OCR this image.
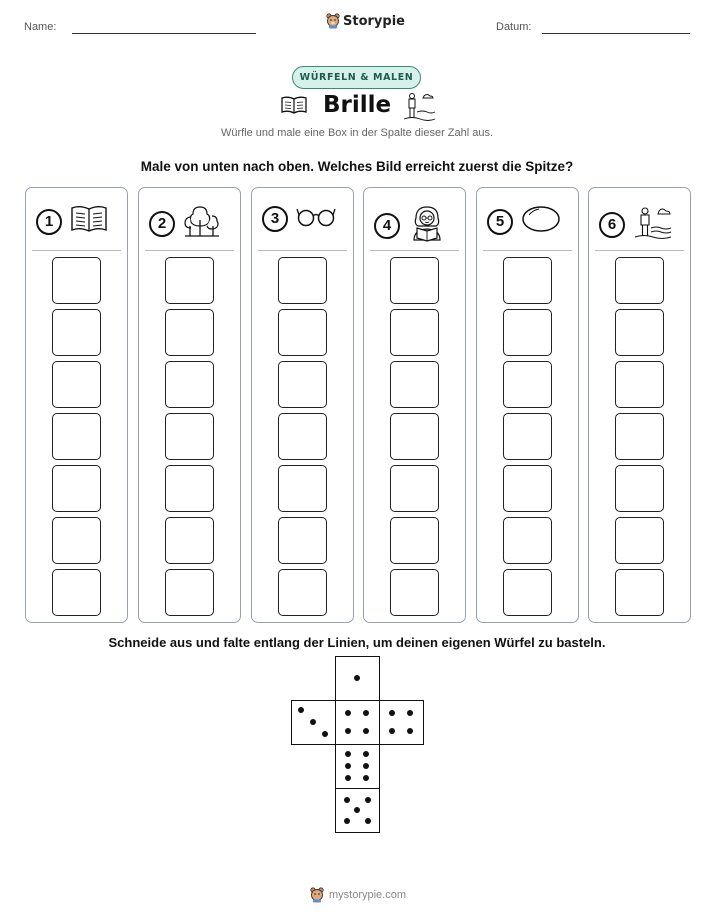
Name:	Storypie	Datum:
WÜRFELN & MALEN
Brille
Würfle und male eine Box in der Spalte dieser Zahl aus.
Male von unten nach oben. Welches Bild erreicht zuerst die Spitze?
1	2	3	4	5	6
Schneide aus und falte entlang der Linien, um deinen eigenen Würfel zu basteln.
mystorypie.com
